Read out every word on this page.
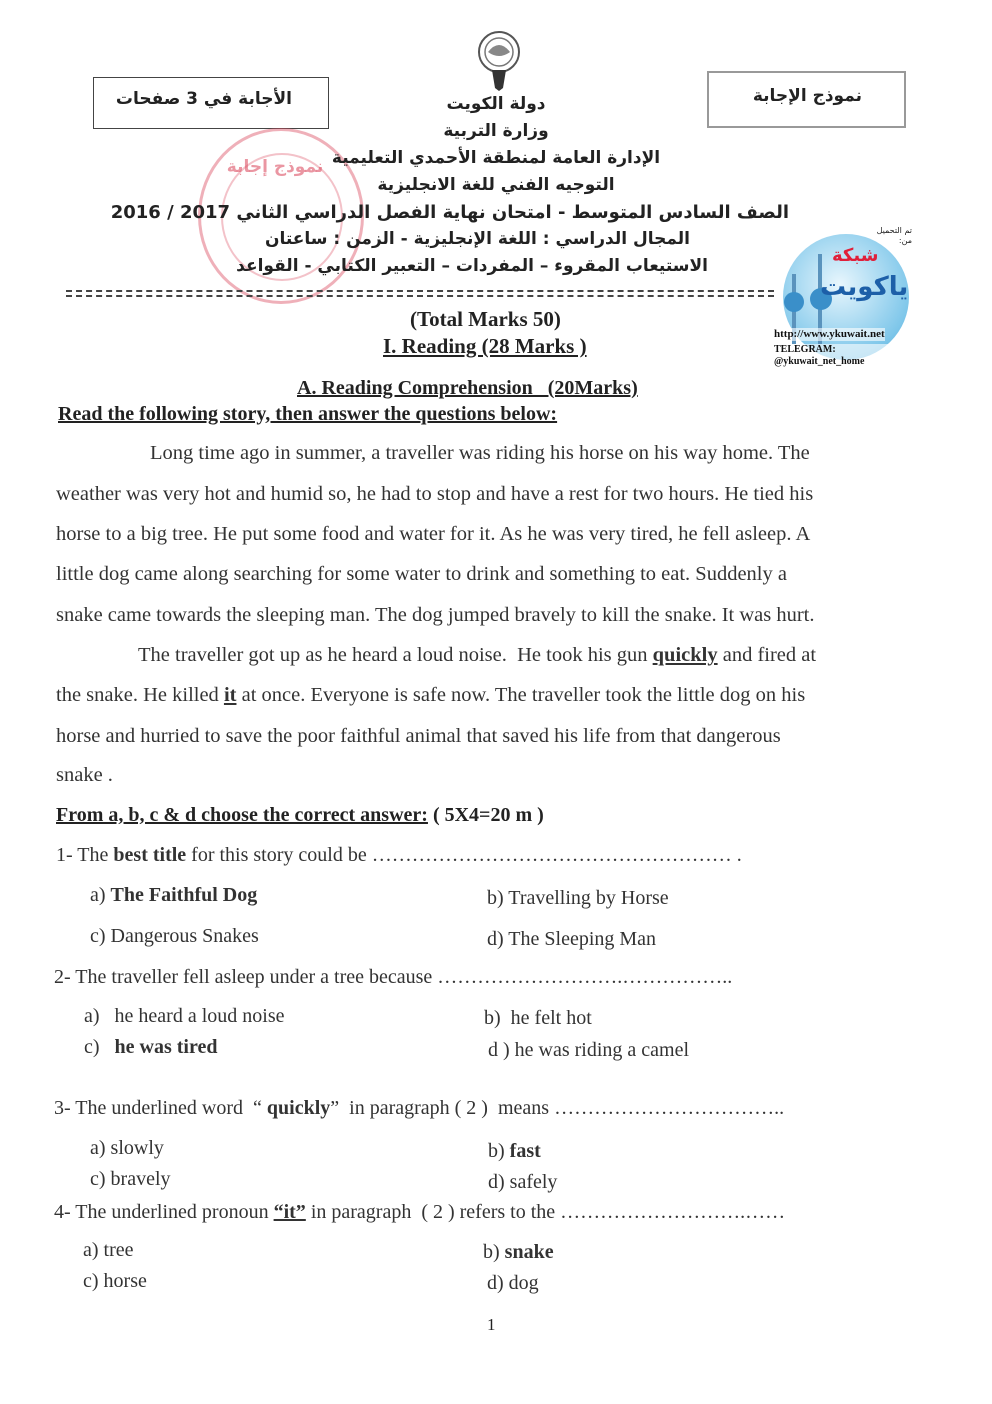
الأجابة في 3 صفحات	نموذج الإجابة
نموذج إجابة
دولة الكويت
وزارة التربية
الإدارة العامة لمنطقة الأحمدي التعليمية
التوجيه الفني للغة الانجليزية
الصف السادس المتوسط - امتحان نهاية الفصل الدراسي الثاني 2017 / 2016
المجال الدراسي : اللغة الإنجليزية - الزمن : ساعتان
الاستيعاب المقروء – المفردات – التعبير الكتابي - القواعد
تم التحميل من:
شبكة
ياكويت
http://www.ykuwait.net
TELEGRAM: @ykuwait_net_home
(Total Marks 50)
I. Reading (28 Marks )
A. Reading Comprehension   (20Marks)
Read the following story, then answer the questions below:
Long time ago in summer, a traveller was riding his horse on his way home. The
weather was very hot and humid so, he had to stop and have a rest for two hours. He tied his
horse to a big tree. He put some food and water for it. As he was very tired, he fell asleep. A
little dog came along searching for some water to drink and something to eat. Suddenly a
snake came towards the sleeping man. The dog jumped bravely to kill the snake. It was hurt.
The traveller got up as he heard a loud noise.  He took his gun quickly and fired at
the snake. He killed it at once. Everyone is safe now. The traveller took the little dog on his
horse and hurried to save the poor faithful animal that saved his life from that dangerous
snake .
From a, b, c & d choose the correct answer: ( 5X4=20 m )
1- The best title for this story could be ……………………………………………… .
a) The Faithful Dog	b) Travelling by Horse
c) Dangerous Snakes	d) The Sleeping Man
2- The traveller fell asleep under a tree because ……………………….……………..
a)   he heard a loud noise	b)  he felt hot
c)   he was tired	d ) he was riding a camel
3- The underlined word  “ quickly”  in paragraph ( 2 )  means ……………………………..
a) slowly	b) fast
c) bravely	d) safely
4- The underlined pronoun “it” in paragraph  ( 2 ) refers to the ……………………….……
a) tree	b) snake
c) horse	d) dog
1
